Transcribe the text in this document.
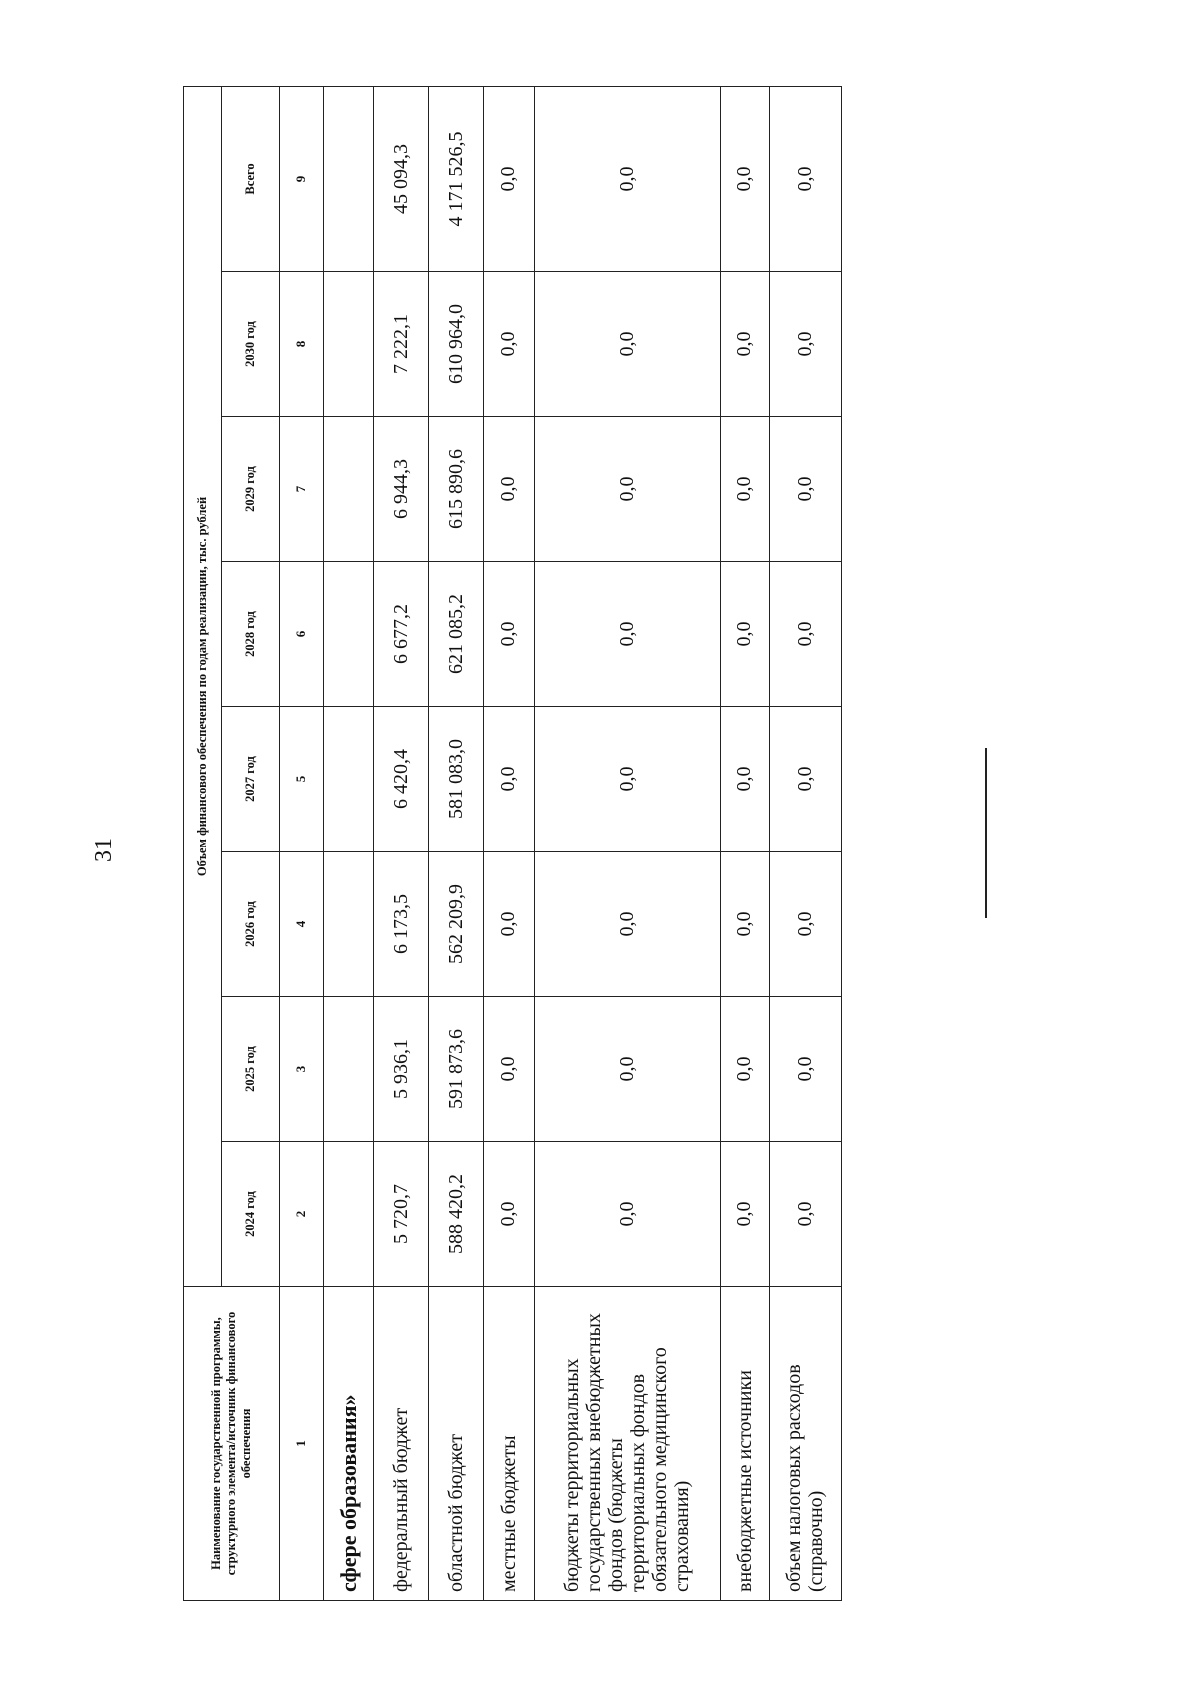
31
Наименование государственной программы, структурного элемента/источник финансового обеспечения	Объем финансового обеспечения по годам реализации, тыс. рублей							
	2024 год	2025 год	2026 год	2027 год	2028 год	2029 год	2030 год	Всего
1	2	3	4	5	6	7	8	9
сфере образования»								
федеральный бюджет	5 720,7	5 936,1	6 173,5	6 420,4	6 677,2	6 944,3	7 222,1	45 094,3
областной бюджет	588 420,2	591 873,6	562 209,9	581 083,0	621 085,2	615 890,6	610 964,0	4 171 526,5
местные бюджеты	0,0	0,0	0,0	0,0	0,0	0,0	0,0	0,0
бюджеты территориальных государственных внебюджетных фондов (бюджеты территориальных фондов обязательного медицинского страхования)	0,0	0,0	0,0	0,0	0,0	0,0	0,0	0,0
внебюджетные источники	0,0	0,0	0,0	0,0	0,0	0,0	0,0	0,0
объем налоговых расходов (справочно)	0,0	0,0	0,0	0,0	0,0	0,0	0,0	0,0
